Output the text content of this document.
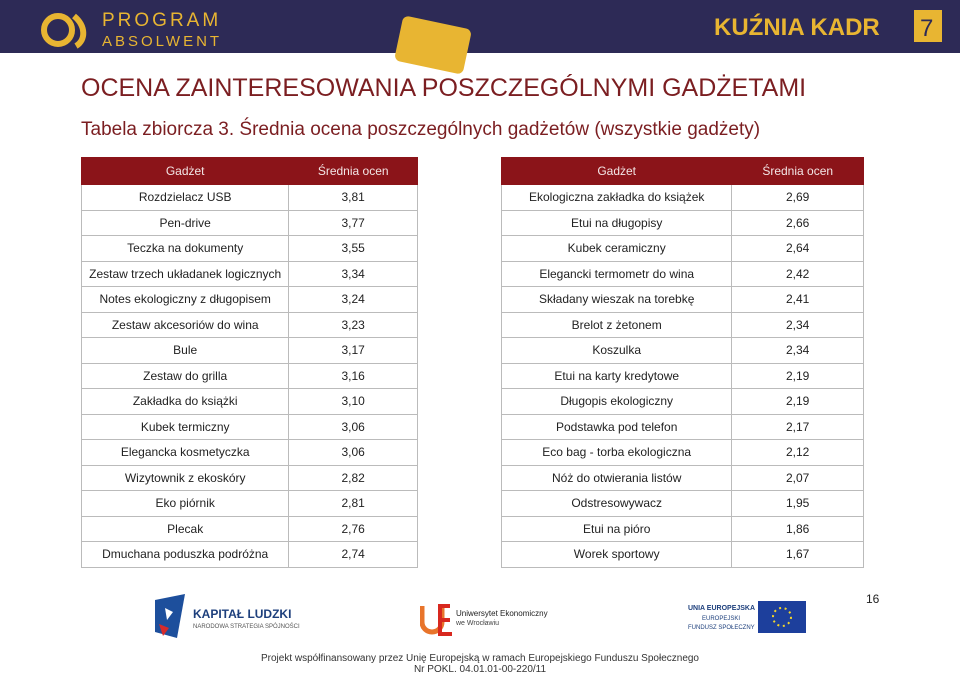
PROGRAM
ABSOLWENT
KUŹNIA KADR 7
OCENA ZAINTERESOWANIA POSZCZEGÓLNYMI GADŻETAMI
Tabela zbiorcza 3. Średnia ocena poszczególnych gadżetów (wszystkie gadżety)
Gadżet	Średnia ocen
Rozdzielacz USB	3,81
Pen-drive	3,77
Teczka na dokumenty	3,55
Zestaw trzech układanek logicznych	3,34
Notes ekologiczny z długopisem	3,24
Zestaw akcesoriów do wina	3,23
Bule	3,17
Zestaw do grilla	3,16
Zakładka do książki	3,10
Kubek termiczny	3,06
Elegancka kosmetyczka	3,06
Wizytownik z ekoskóry	2,82
Eko piórnik	2,81
Plecak	2,76
Dmuchana poduszka podróżna	2,74
Gadżet	Średnia ocen
Ekologiczna zakładka do książek	2,69
Etui na długopisy	2,66
Kubek ceramiczny	2,64
Elegancki termometr do wina	2,42
Składany wieszak na torebkę	2,41
Brelot z żetonem	2,34
Koszulka	2,34
Etui na karty kredytowe	2,19
Długopis ekologiczny	2,19
Podstawka pod telefon	2,17
Eco bag - torba ekologiczna	2,12
Nóż do otwierania listów	2,07
Odstresowywacz	1,95
Etui na pióro	1,86
Worek sportowy	1,67
16
KAPITAŁ LUDZKI
NARODOWA STRATEGIA SPÓJNOŚCI
Uniwersytet Ekonomiczny
we Wrocławiu
UNIA EUROPEJSKA
EUROPEJSKI
FUNDUSZ SPOŁECZNY
Projekt współfinansowany przez Unię Europejską w ramach Europejskiego Funduszu Społecznego
Nr POKL. 04.01.01-00-220/11
